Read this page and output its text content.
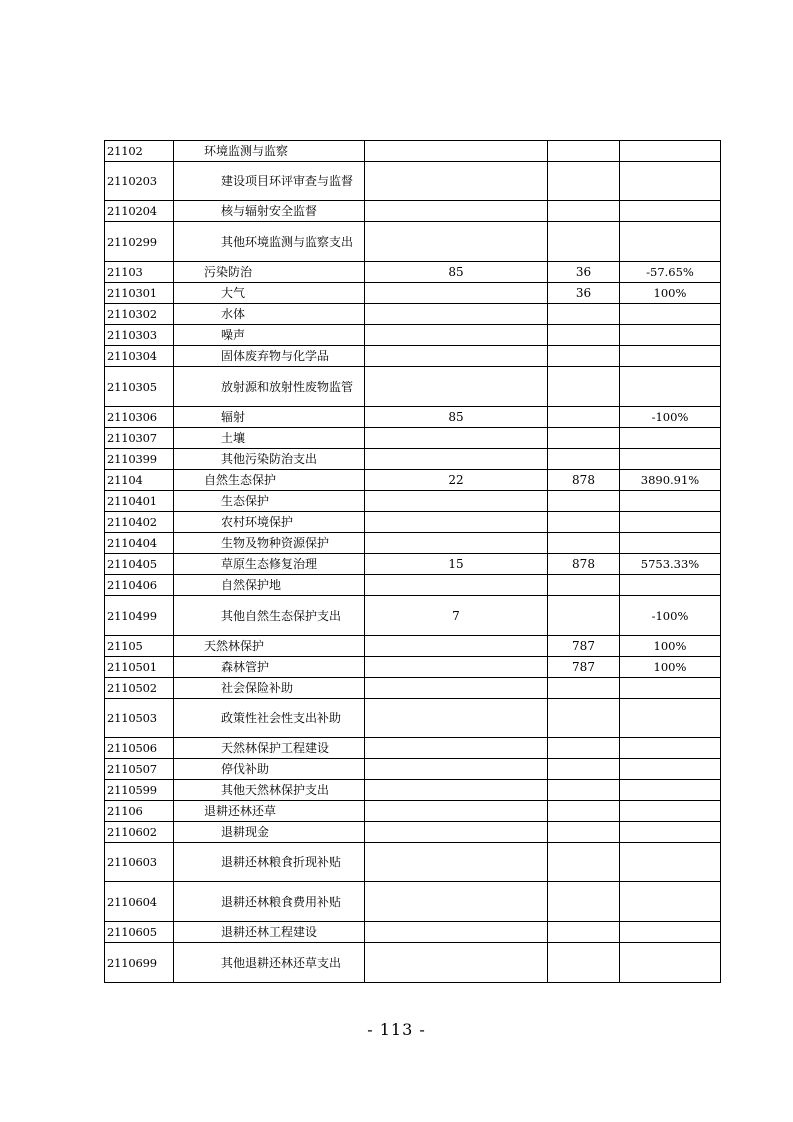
21102	环境监测与监察			
2110203	建设项目环评审查与监督			
2110204	核与辐射安全监督			
2110299	其他环境监测与监察支出			
21103	污染防治	85	36	-57.65%
2110301	大气		36	100%
2110302	水体			
2110303	噪声			
2110304	固体废弃物与化学品			
2110305	放射源和放射性废物监管			
2110306	辐射	85		-100%
2110307	土壤			
2110399	其他污染防治支出			
21104	自然生态保护	22	878	3890.91%
2110401	生态保护			
2110402	农村环境保护			
2110404	生物及物种资源保护			
2110405	草原生态修复治理	15	878	5753.33%
2110406	自然保护地			
2110499	其他自然生态保护支出	7		-100%
21105	天然林保护		787	100%
2110501	森林管护		787	100%
2110502	社会保险补助			
2110503	政策性社会性支出补助			
2110506	天然林保护工程建设			
2110507	停伐补助			
2110599	其他天然林保护支出			
21106	退耕还林还草			
2110602	退耕现金			
2110603	退耕还林粮食折现补贴			
2110604	退耕还林粮食费用补贴			
2110605	退耕还林工程建设			
2110699	其他退耕还林还草支出			
- 113 -
